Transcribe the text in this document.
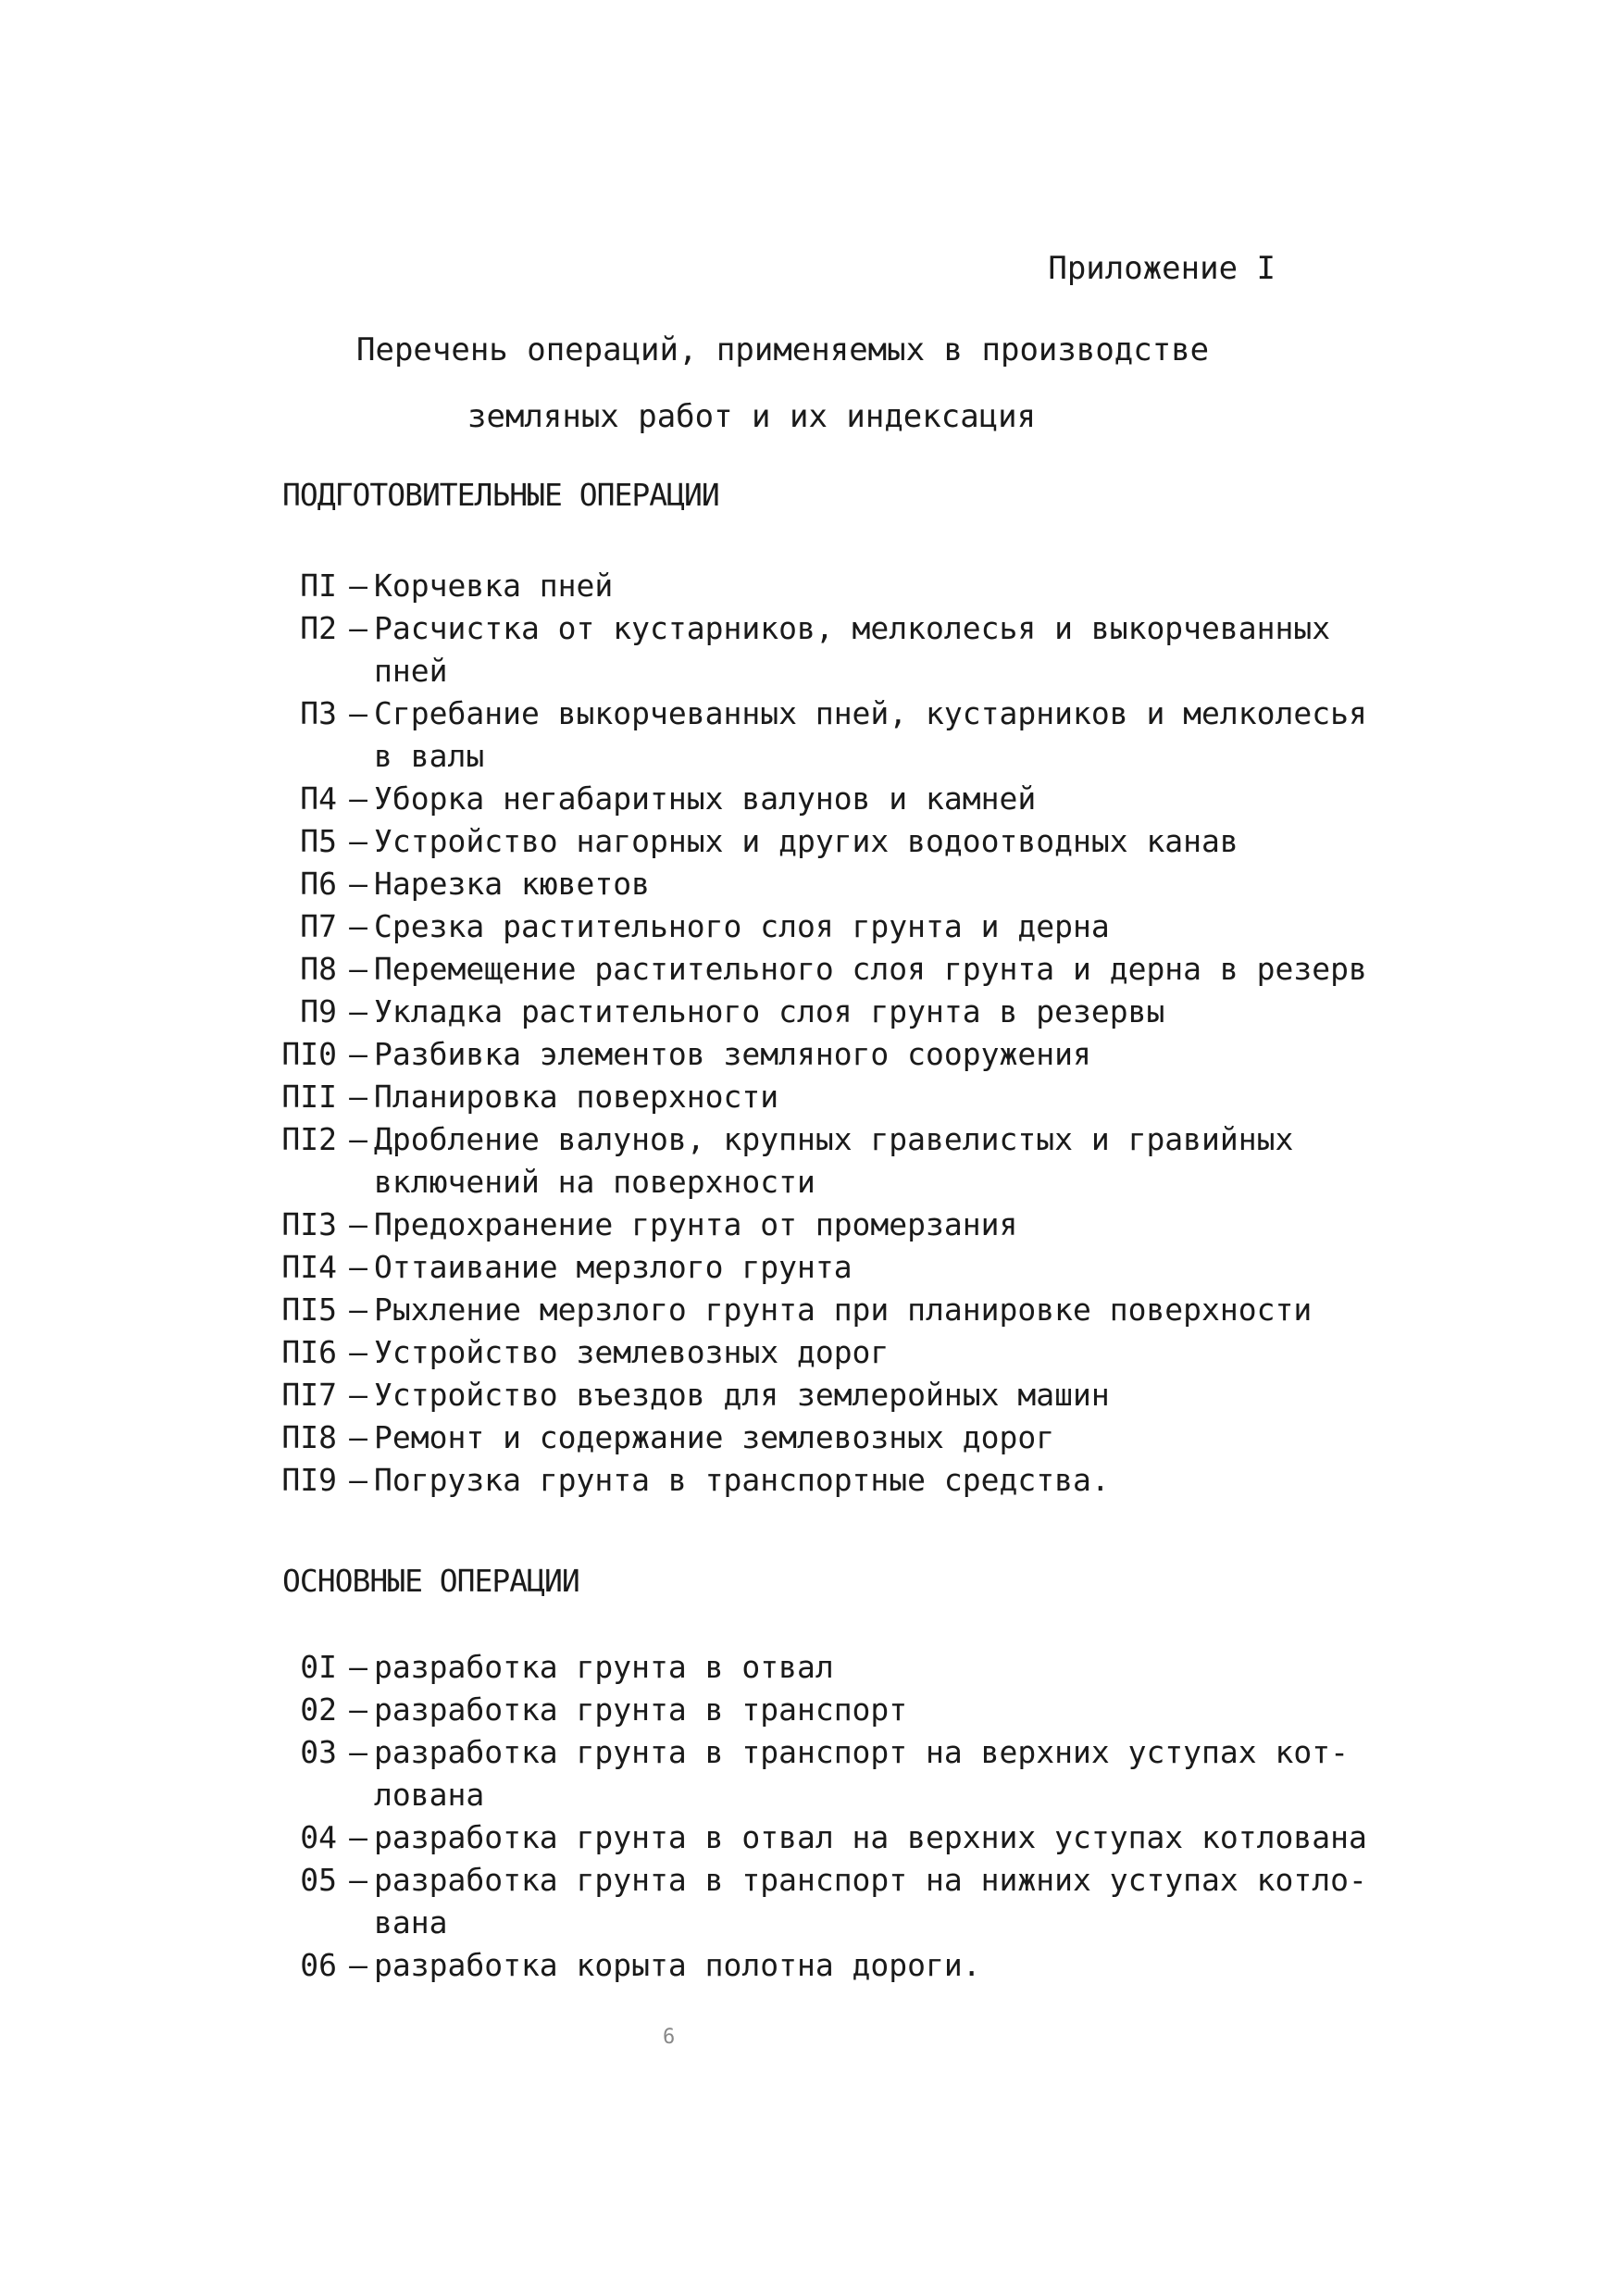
Приложение I
Перечень операций, применяемых в производстве
земляных работ и их индексация
ПОДГОТОВИТЕЛЬНЫЕ ОПЕРАЦИИ
ПI – Корчевка пней
П2 – Расчистка от кустарников, мелколесья и выкорчеванных
пней
П3 – Сгребание выкорчеванных пней, кустарников и мелколесья
в валы
П4 – Уборка негабаритных валунов и камней
П5 – Устройство нагорных и других водоотводных канав
П6 – Нарезка кюветов
П7 – Срезка растительного слоя грунта и дерна
П8 – Перемещение растительного слоя грунта и дерна в резерв
П9 – Укладка растительного слоя грунта в резервы
ПI0 – Разбивка элементов земляного сооружения
ПII – Планировка поверхности
ПI2 – Дробление валунов, крупных гравелистых и гравийных
включений на поверхности
ПI3 – Предохранение грунта от промерзания
ПI4 – Оттаивание мерзлого грунта
ПI5 – Рыхление мерзлого грунта при планировке поверхности
ПI6 – Устройство землевозных дорог
ПI7 – Устройство въездов для землеройных машин
ПI8 – Ремонт и содержание землевозных дорог
ПI9 – Погрузка грунта в транспортные средства.
ОСНОВНЫЕ ОПЕРАЦИИ
0I – разработка грунта в отвал
02 – разработка грунта в транспорт
03 – разработка грунта в транспорт на верхних уступах кот-
лована
04 – разработка грунта в отвал на верхних уступах котлована
05 – разработка грунта в транспорт на нижних уступах котло-
вана
06 – разработка корыта полотна дороги.
6
